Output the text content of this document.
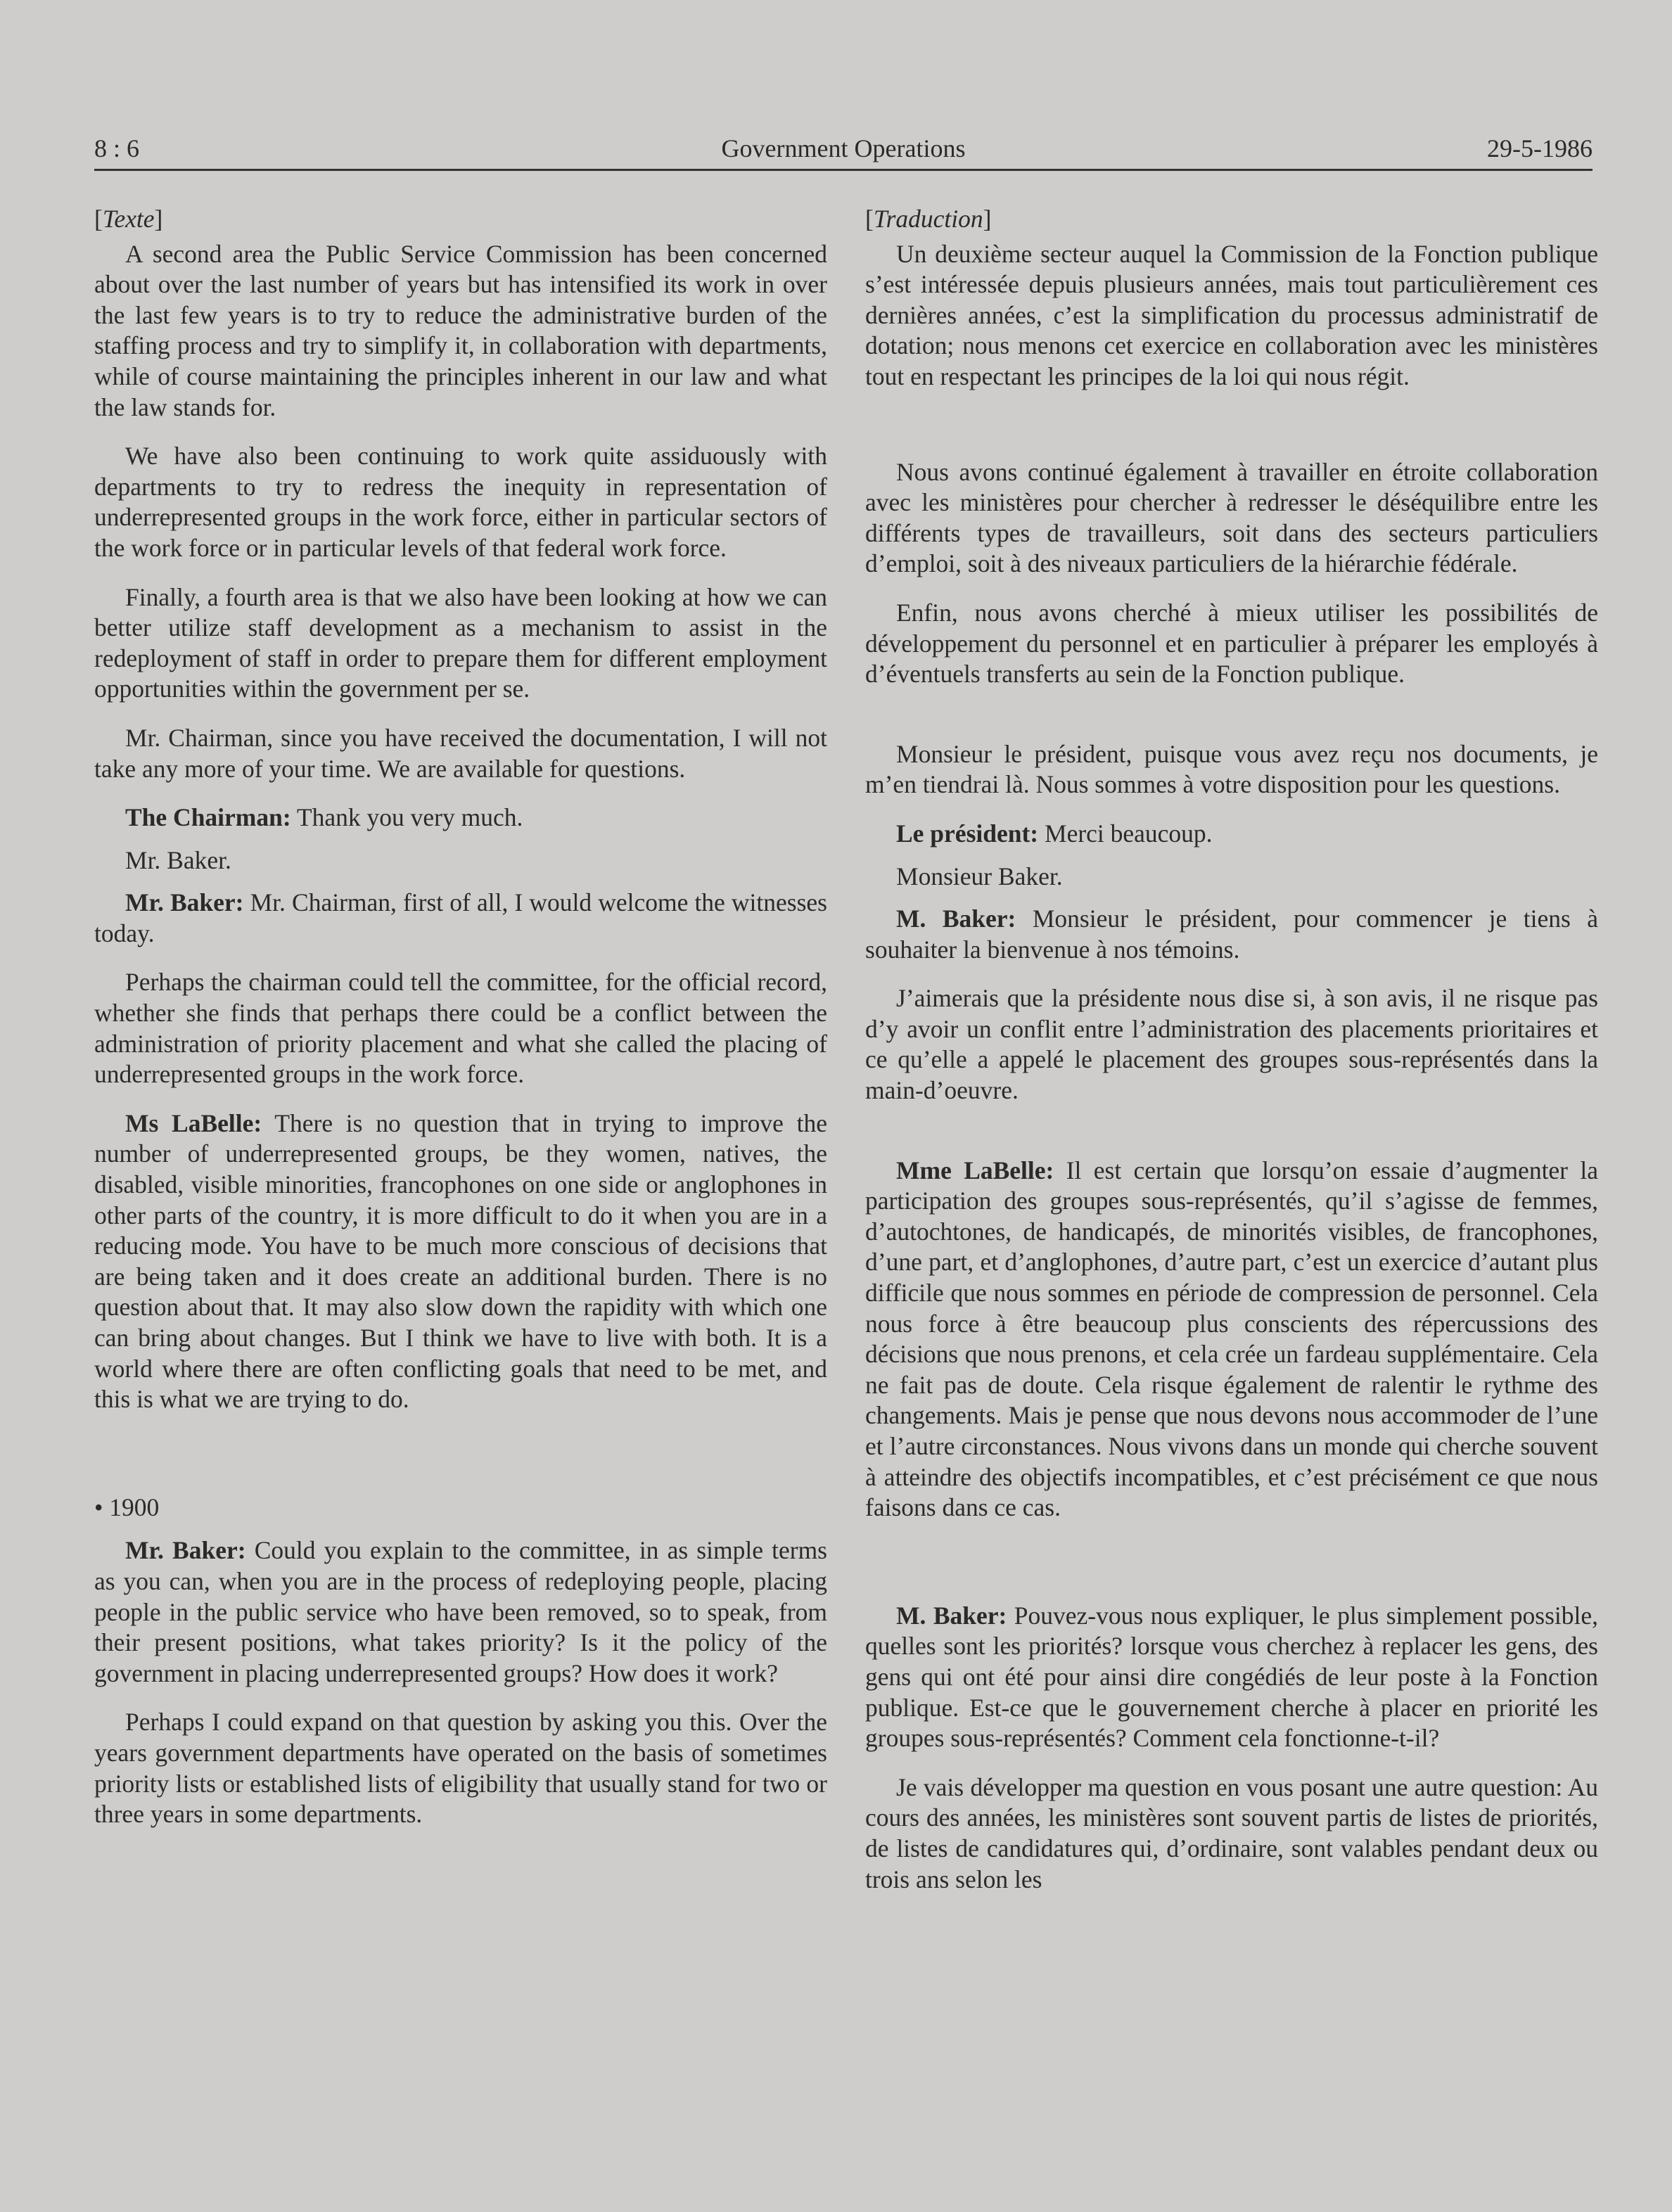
8 : 6	Government Operations	29-5-1986

[Texte]

A second area the Public Service Commission has been concerned about over the last number of years but has intensified its work in over the last few years is to try to reduce the administrative burden of the staffing process and try to simplify it, in collaboration with departments, while of course maintaining the principles inherent in our law and what the law stands for.

We have also been continuing to work quite assiduously with departments to try to redress the inequity in representation of underrepresented groups in the work force, either in particular sectors of the work force or in particular levels of that federal work force.

Finally, a fourth area is that we also have been looking at how we can better utilize staff development as a mechanism to assist in the redeployment of staff in order to prepare them for different employment opportunities within the government per se.

Mr. Chairman, since you have received the documentation, I will not take any more of your time. We are available for questions.

The Chairman: Thank you very much.

Mr. Baker.

Mr. Baker: Mr. Chairman, first of all, I would welcome the witnesses today.

Perhaps the chairman could tell the committee, for the official record, whether she finds that perhaps there could be a conflict between the administration of priority placement and what she called the placing of underrepresented groups in the work force.

Ms LaBelle: There is no question that in trying to improve the number of underrepresented groups, be they women, natives, the disabled, visible minorities, francophones on one side or anglophones in other parts of the country, it is more difficult to do it when you are in a reducing mode. You have to be much more conscious of decisions that are being taken and it does create an additional burden. There is no question about that. It may also slow down the rapidity with which one can bring about changes. But I think we have to live with both. It is a world where there are often conflicting goals that need to be met, and this is what we are trying to do.

• 1900

Mr. Baker: Could you explain to the committee, in as simple terms as you can, when you are in the process of redeploying people, placing people in the public service who have been removed, so to speak, from their present positions, what takes priority? Is it the policy of the government in placing underrepresented groups? How does it work?

Perhaps I could expand on that question by asking you this. Over the years government departments have operated on the basis of sometimes priority lists or established lists of eligibility that usually stand for two or three years in some departments.

[Traduction]

Un deuxième secteur auquel la Commission de la Fonction publique s’est intéressée depuis plusieurs années, mais tout particulièrement ces dernières années, c’est la simplification du processus administratif de dotation; nous menons cet exercice en collaboration avec les ministères tout en respectant les principes de la loi qui nous régit.

Nous avons continué également à travailler en étroite collaboration avec les ministères pour chercher à redresser le déséquilibre entre les différents types de travailleurs, soit dans des secteurs particuliers d’emploi, soit à des niveaux particuliers de la hiérarchie fédérale.

Enfin, nous avons cherché à mieux utiliser les possibilités de développement du personnel et en particulier à préparer les employés à d’éventuels transferts au sein de la Fonction publique.

Monsieur le président, puisque vous avez reçu nos documents, je m’en tiendrai là. Nous sommes à votre disposition pour les questions.

Le président: Merci beaucoup.

Monsieur Baker.

M. Baker: Monsieur le président, pour commencer je tiens à souhaiter la bienvenue à nos témoins.

J’aimerais que la présidente nous dise si, à son avis, il ne risque pas d’y avoir un conflit entre l’administration des placements prioritaires et ce qu’elle a appelé le placement des groupes sous-représentés dans la main-d’oeuvre.

Mme LaBelle: Il est certain que lorsqu’on essaie d’augmenter la participation des groupes sous-représentés, qu’il s’agisse de femmes, d’autochtones, de handicapés, de minorités visibles, de francophones, d’une part, et d’anglophones, d’autre part, c’est un exercice d’autant plus difficile que nous sommes en période de compression de personnel. Cela nous force à être beaucoup plus conscients des répercussions des décisions que nous prenons, et cela crée un fardeau supplémentaire. Cela ne fait pas de doute. Cela risque également de ralentir le rythme des changements. Mais je pense que nous devons nous accommoder de l’une et l’autre circonstances. Nous vivons dans un monde qui cherche souvent à atteindre des objectifs incompatibles, et c’est précisément ce que nous faisons dans ce cas.

M. Baker: Pouvez-vous nous expliquer, le plus simplement possible, quelles sont les priorités? lorsque vous cherchez à replacer les gens, des gens qui ont été pour ainsi dire congédiés de leur poste à la Fonction publique. Est-ce que le gouvernement cherche à placer en priorité les groupes sous-représentés? Comment cela fonctionne-t-il?

Je vais développer ma question en vous posant une autre question: Au cours des années, les ministères sont souvent partis de listes de priorités, de listes de candidatures qui, d’ordinaire, sont valables pendant deux ou trois ans selon les
